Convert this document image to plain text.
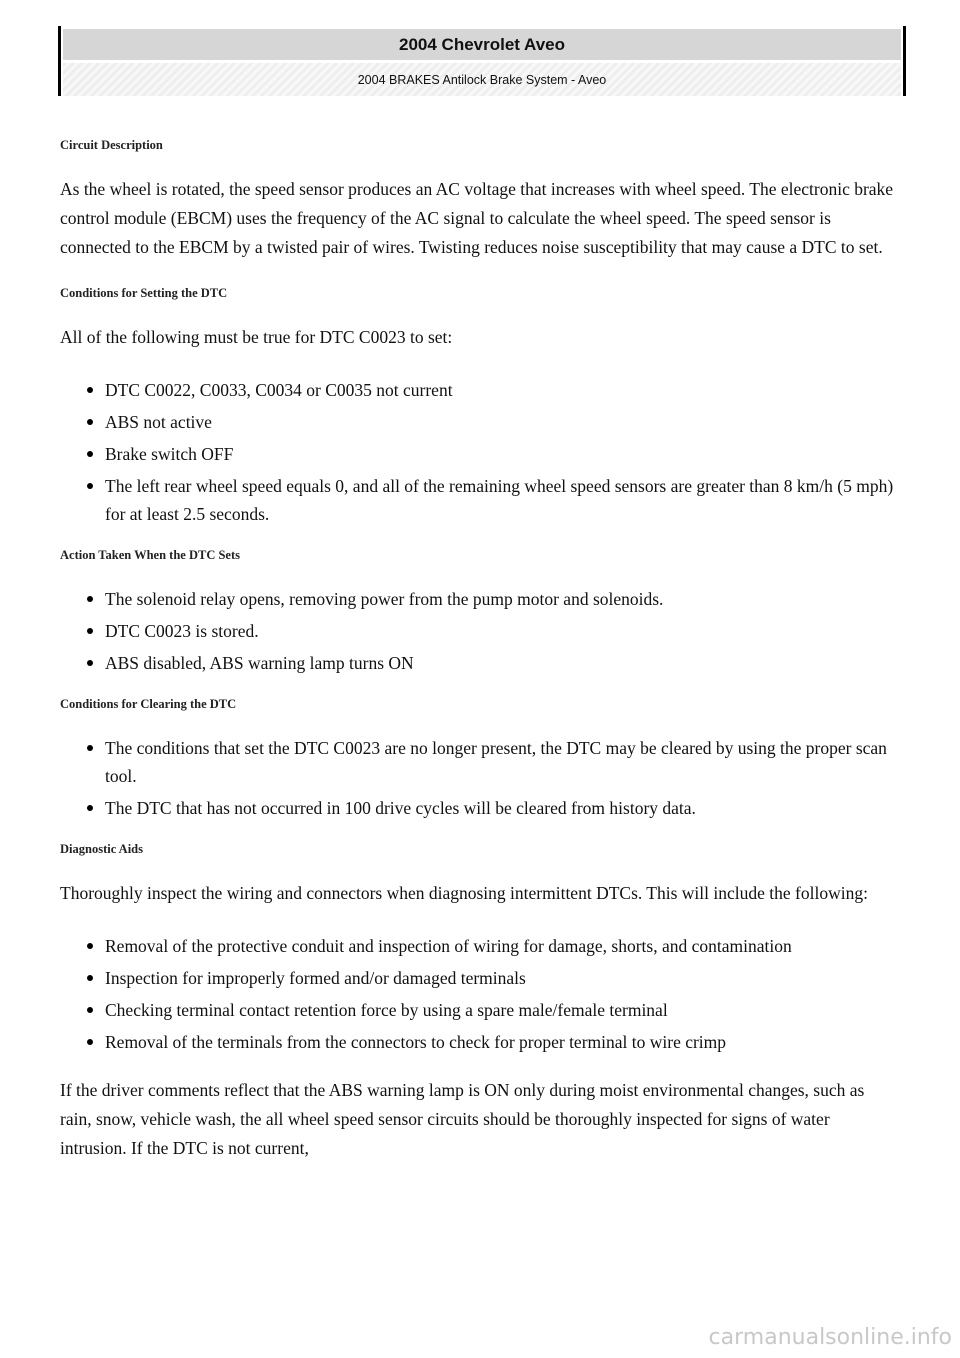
2004 Chevrolet Aveo
2004 BRAKES Antilock Brake System - Aveo
Circuit Description

As the wheel is rotated, the speed sensor produces an AC voltage that increases with wheel speed. The electronic brake control module (EBCM) uses the frequency of the AC signal to calculate the wheel speed. The speed sensor is connected to the EBCM by a twisted pair of wires. Twisting reduces noise susceptibility that may cause a DTC to set.

Conditions for Setting the DTC

All of the following must be true for DTC C0023 to set:

DTC C0022, C0033, C0034 or C0035 not current
ABS not active
Brake switch OFF
The left rear wheel speed equals 0, and all of the remaining wheel speed sensors are greater than 8 km/h (5 mph) for at least 2.5 seconds.
Action Taken When the DTC Sets
The solenoid relay opens, removing power from the pump motor and solenoids.
DTC C0023 is stored.
ABS disabled, ABS warning lamp turns ON
Conditions for Clearing the DTC
The conditions that set the DTC C0023 are no longer present, the DTC may be cleared by using the proper scan tool.
The DTC that has not occurred in 100 drive cycles will be cleared from history data.
Diagnostic Aids

Thoroughly inspect the wiring and connectors when diagnosing intermittent DTCs. This will include the following:

Removal of the protective conduit and inspection of wiring for damage, shorts, and contamination
Inspection for improperly formed and/or damaged terminals
Checking terminal contact retention force by using a spare male/female terminal
Removal of the terminals from the connectors to check for proper terminal to wire crimp

If the driver comments reflect that the ABS warning lamp is ON only during moist environmental changes, such as rain, snow, vehicle wash, the all wheel speed sensor circuits should be thoroughly inspected for signs of water intrusion. If the DTC is not current,

carmanualsonline.info
